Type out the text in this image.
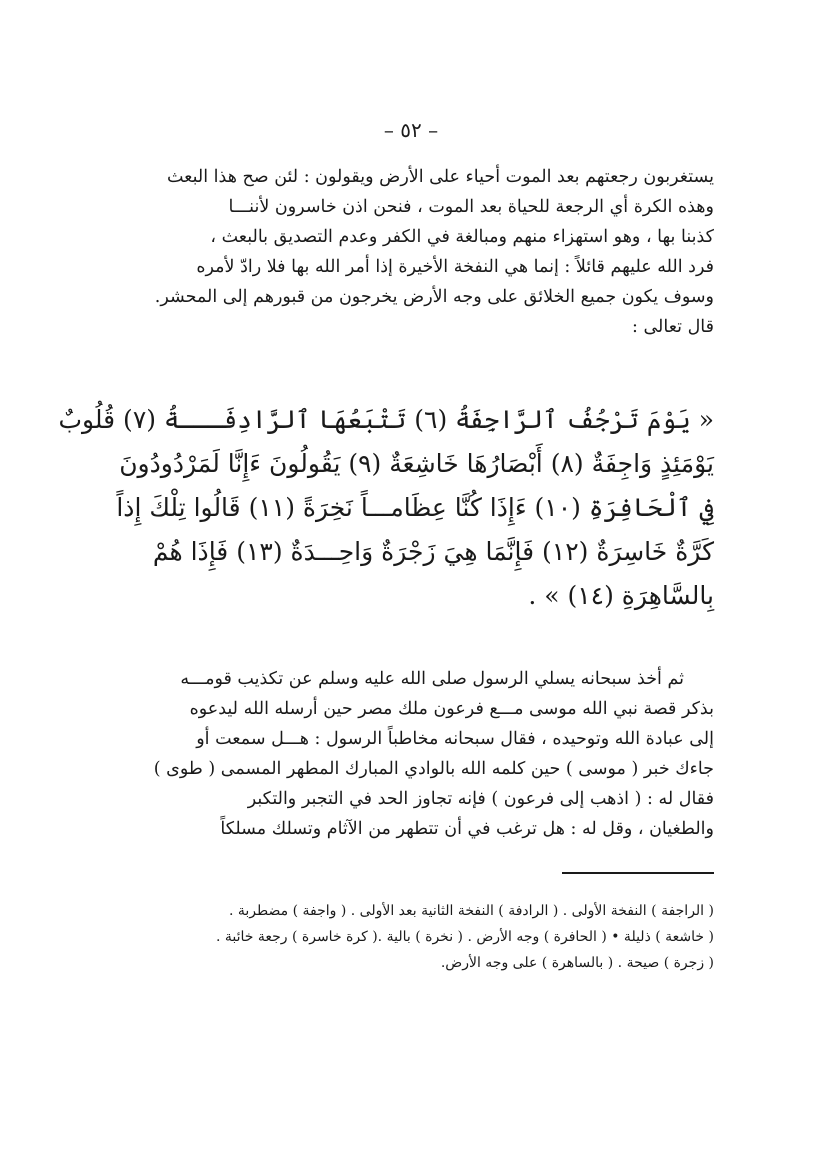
– ٥٢ –
يستغربون رجعتهم بعد الموت أحياء على الأرض ويقولون : لئن صح هذا البعث
وهذه الكرة أي الرجعة للحياة بعد الموت ، فنحن اذن خاسرون لأننـــا
كذبنا بها ، وهو استهزاء منهم ومبالغة في الكفر وعدم التصديق بالبعث ،
فرد الله عليهم قائلاً : إنما هي النفخة الأخيرة إذا أمر الله بها فلا رادّ لأمره
وسوف يكون جميع الخلائق على وجه الأرض يخرجون من قبورهم إلى المحشر.
قال تعالى :
« يَوْمَ تَرْجُفُ ٱلرَّاجِفَةُ (٦) تَتْبَعُهَا ٱلرَّادِفَـــةُ (٧) قُلُوبٌ
يَوْمَئِذٍ وَاجِفَةٌ (٨) أَبْصَارُهَا خَاشِعَةٌ (٩) يَقُولُونَ ءَإِنَّا لَمَرْدُودُونَ
فِي ٱلْحَافِرَةِ (١٠) ءَإِذَا كُنَّا عِظَامـــاً نَخِرَةً (١١) قَالُوا تِلْكَ إِذاً
كَرَّةٌ خَاسِرَةٌ (١٢) فَإِنَّمَا هِيَ زَجْرَةٌ وَاحِـــدَةٌ (١٣) فَإِذَا هُمْ
بِالسَّاهِرَةِ (١٤) » .
ثم أخذ سبحانه يسلي الرسول صلى الله عليه وسلم عن تكذيب قومـــه
بذكر قصة نبي الله موسى مـــع فرعون ملك مصر حين أرسله الله ليدعوه
إلى عبادة الله وتوحيده ، فقال سبحانه مخاطباً الرسول : هـــل سمعت أو
جاءك خبر ( موسى ) حين كلمه الله بالوادي المبارك المطهر المسمى ( طوى )
فقال له : ( اذهب إلى فرعون ) فإنه تجاوز الحد في التجبر والتكبر
والطغيان ، وقل له : هل ترغب في أن تتطهر من الآثام وتسلك مسلكاً
( الراجفة ) النفخة الأولى . ( الرادفة ) النفخة الثانية بعد الأولى . ( واجفة ) مضطربة .
( خاشعة ) ذليلة • ( الحافرة ) وجه الأرض . ( نخرة ) بالية .( كرة خاسرة ) رجعة خائبة .
( زجرة ) صيحة . ( بالساهرة ) على وجه الأرض.
